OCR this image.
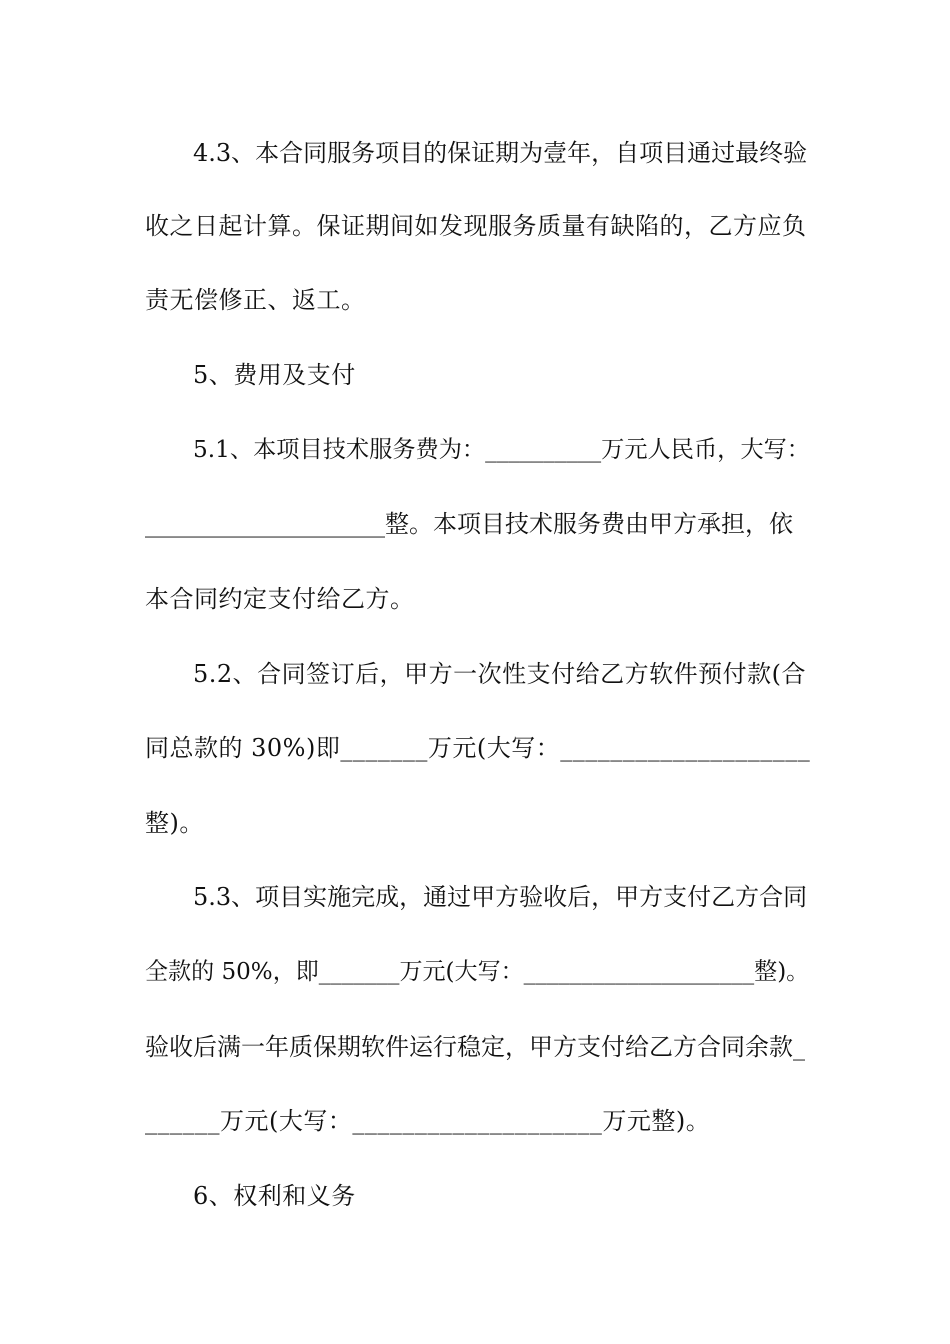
4.3、本合同服务项目的保证期为壹年，自项目通过最终验
收之日起计算。保证期间如发现服务质量有缺陷的，乙方应负
责无偿修正、返工。
5、费用及支付
5.1、本项目技术服务费为：__________万元人民币，大写：
____________________整。本项目技术服务费由甲方承担，依
本合同约定支付给乙方。
5.2、合同签订后，甲方一次性支付给乙方软件预付款(合
同总款的 30%)即_______万元(大写：____________________
整)。
5.3、项目实施完成，通过甲方验收后，甲方支付乙方合同
全款的 50%，即_______万元(大写：____________________整)。
验收后满一年质保期软件运行稳定，甲方支付给乙方合同余款_
______万元(大写：____________________万元整)。
6、权利和义务
